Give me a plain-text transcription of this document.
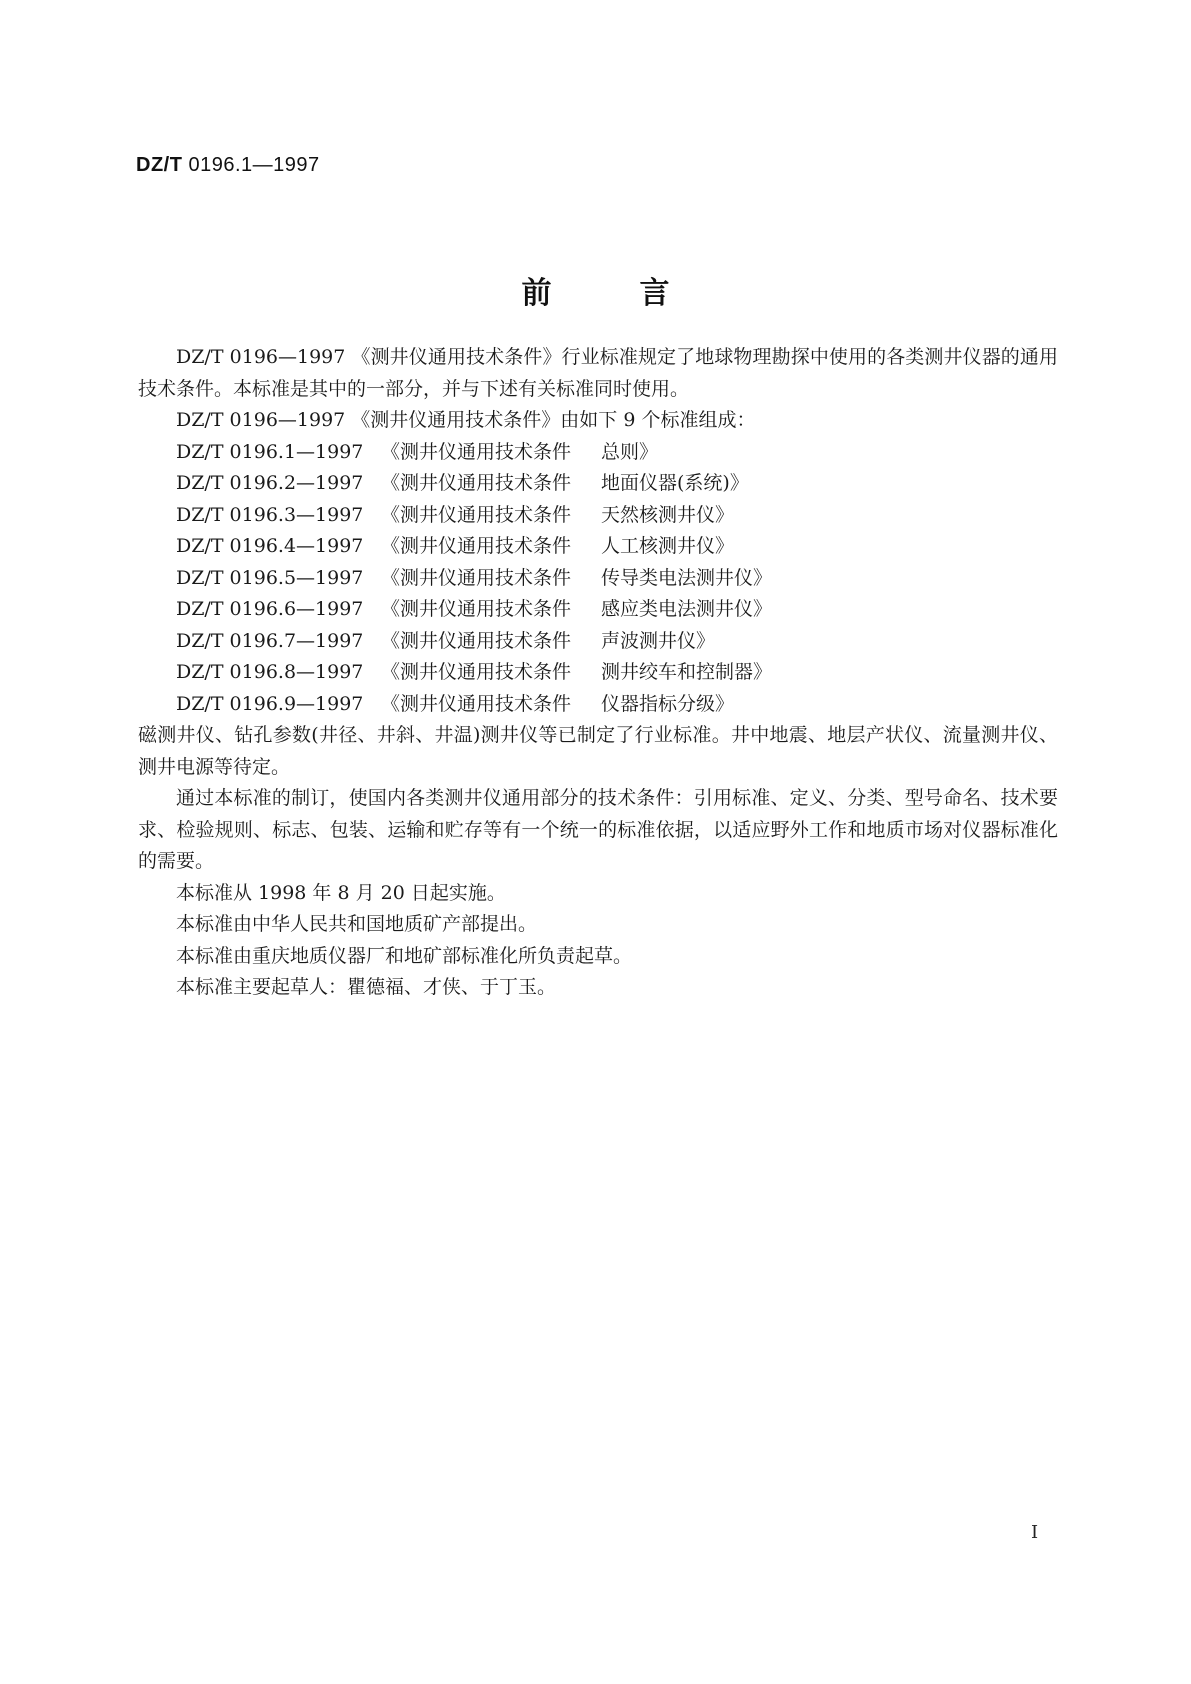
DZ/T 0196.1—1997
前言

DZ/T 0196—1997 《测井仪通用技术条件》行业标准规定了地球物理勘探中使用的各类测井仪器的通用技术条件。本标准是其中的一部分，并与下述有关标准同时使用。

DZ/T 0196—1997 《测井仪通用技术条件》由如下 9 个标准组成：

DZ/T 0196.1—1997 《测井仪通用技术条件 总则》

DZ/T 0196.2—1997 《测井仪通用技术条件 地面仪器(系统)》

DZ/T 0196.3—1997 《测井仪通用技术条件 天然核测井仪》

DZ/T 0196.4—1997 《测井仪通用技术条件 人工核测井仪》

DZ/T 0196.5—1997 《测井仪通用技术条件 传导类电法测井仪》

DZ/T 0196.6—1997 《测井仪通用技术条件 感应类电法测井仪》

DZ/T 0196.7—1997 《测井仪通用技术条件 声波测井仪》

DZ/T 0196.8—1997 《测井仪通用技术条件 测井绞车和控制器》

DZ/T 0196.9—1997 《测井仪通用技术条件 仪器指标分级》

磁测井仪、钻孔参数(井径、井斜、井温)测井仪等已制定了行业标准。井中地震、地层产状仪、流量测井仪、测井电源等待定。

通过本标准的制订，使国内各类测井仪通用部分的技术条件：引用标准、定义、分类、型号命名、技术要求、检验规则、标志、包装、运输和贮存等有一个统一的标准依据，以适应野外工作和地质市场对仪器标准化的需要。

本标准从 1998 年 8 月 20 日起实施。

本标准由中华人民共和国地质矿产部提出。

本标准由重庆地质仪器厂和地矿部标准化所负责起草。

本标准主要起草人：瞿德福、才侠、于丁玉。

I
